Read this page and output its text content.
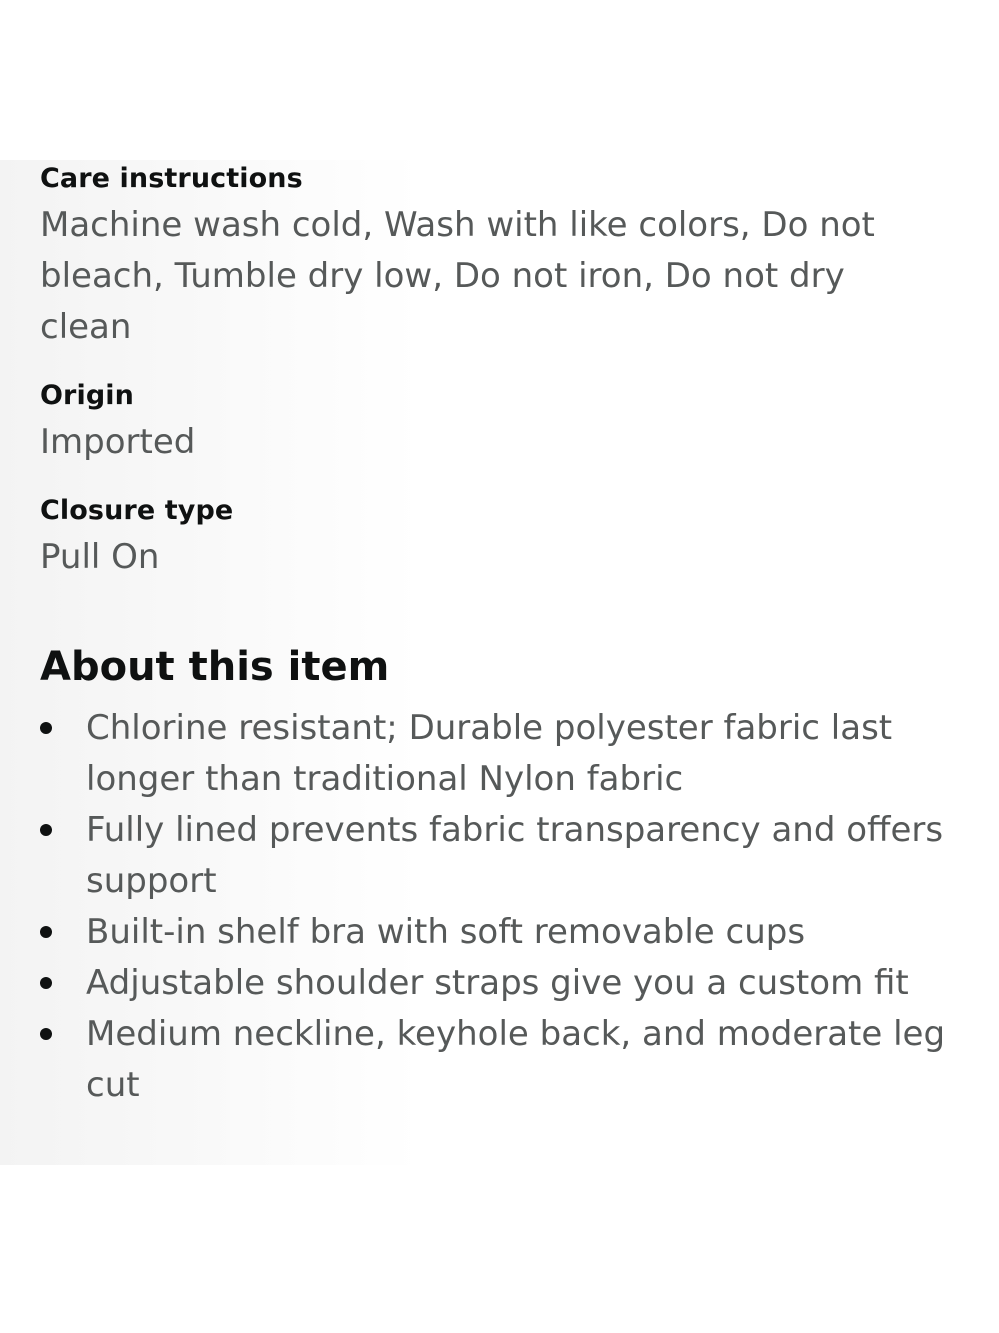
Care instructions
Machine wash cold, Wash with like colors, Do not bleach, Tumble dry low, Do not iron, Do not dry clean
Origin
Imported
Closure type
Pull On
About this item
Chlorine resistant; Durable polyester fabric last longer than traditional Nylon fabric
Fully lined prevents fabric transparency and offers support
Built-in shelf bra with soft removable cups
Adjustable shoulder straps give you a custom fit
Medium neckline, keyhole back, and moderate leg cut
